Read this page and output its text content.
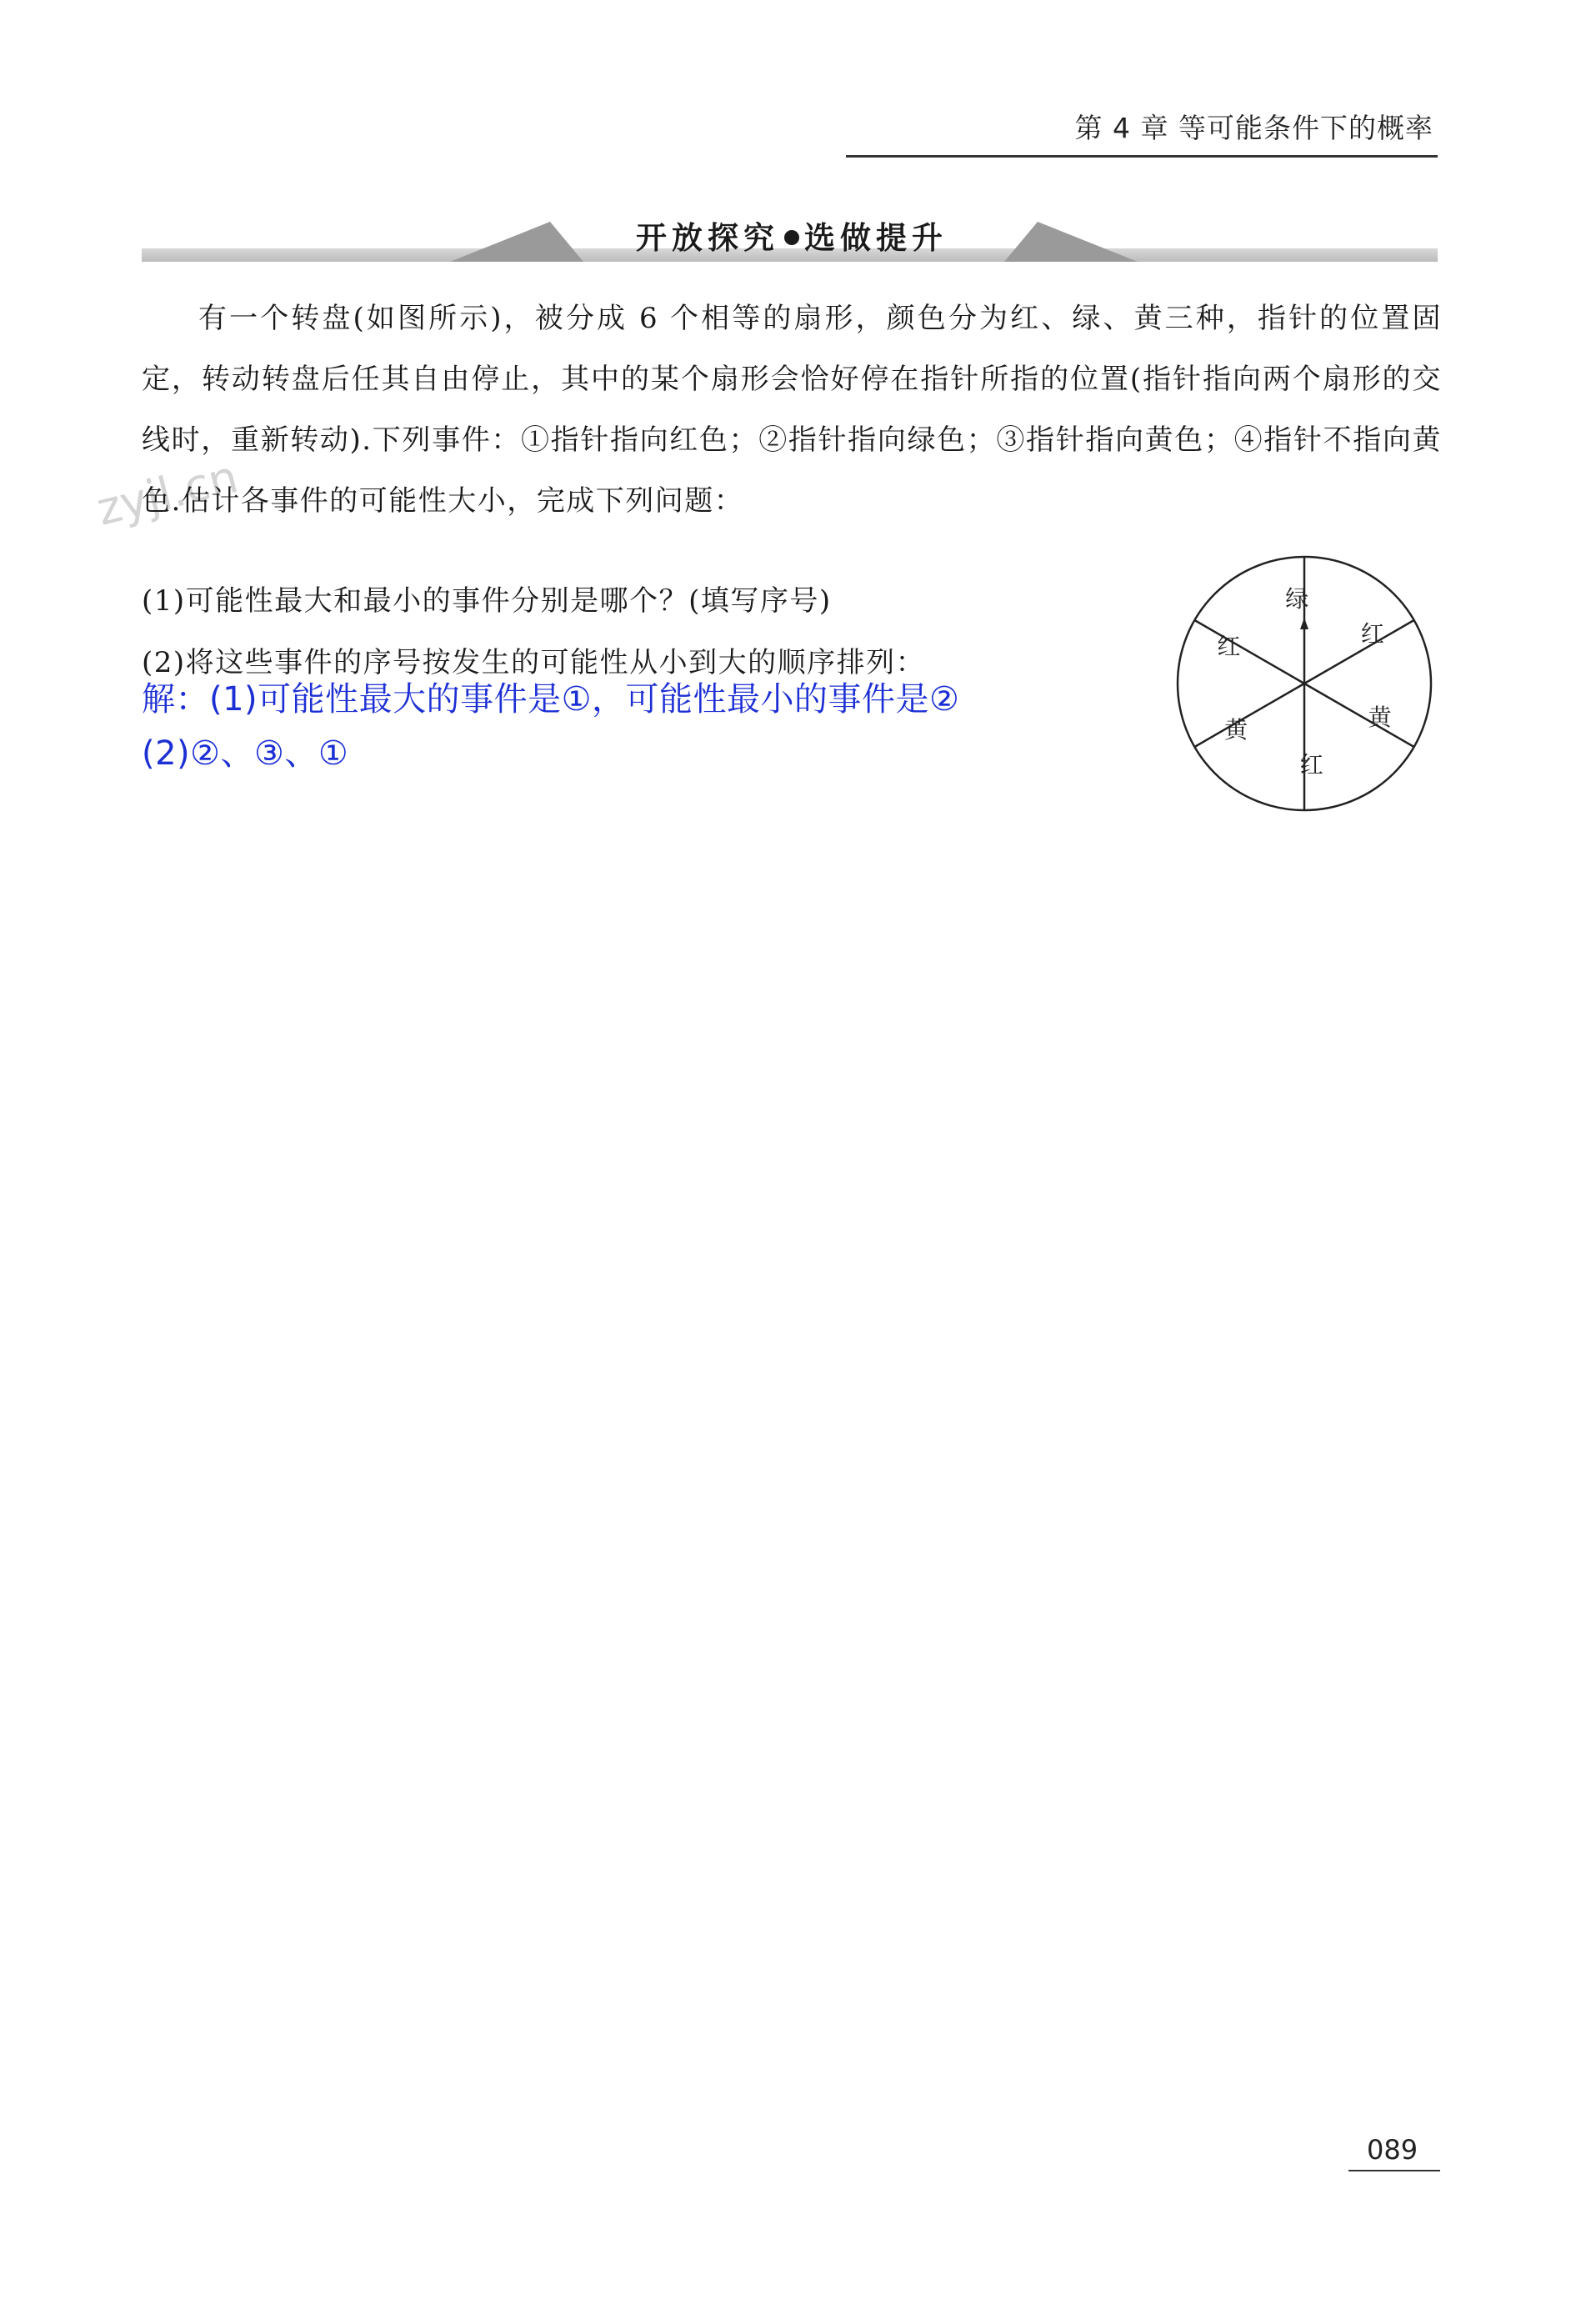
第 4 章 等可能条件下的概率
开放探究 选做提升
zyjl.cn

有一个转盘(如图所示)，被分成 6 个相等的扇形，颜色分为红、绿、黄三种，指针的位置固定，转动转盘后任其自由停止，其中的某个扇形会恰好停在指针所指的位置(指针指向两个扇形的交线时，重新转动).下列事件：①指针指向红色；②指针指向绿色；③指针指向黄色；④指针不指向黄色.估计各事件的可能性大小，完成下列问题：

(1)可能性最大和最小的事件分别是哪个？(填写序号)
(2)将这些事件的序号按发生的可能性从小到大的顺序排列：
解：(1)可能性最大的事件是①，可能性最小的事件是②
(2)②、③、①
绿
红
黄
红
黄
红
089
